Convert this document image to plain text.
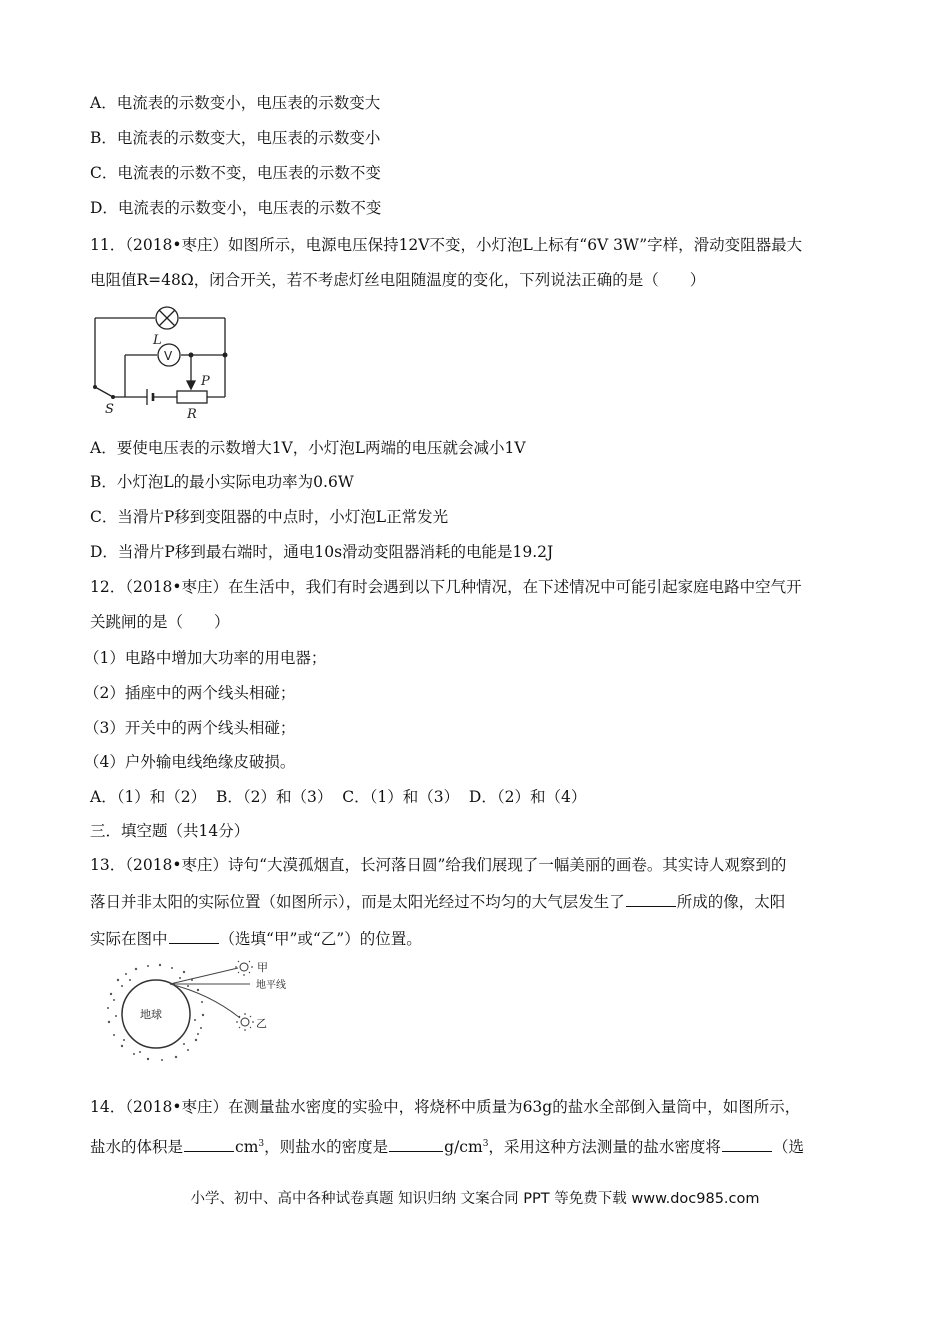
A．电流表的示数变小，电压表的示数变大
B．电流表的示数变大，电压表的示数变小
C．电流表的示数不变，电压表的示数不变
D．电流表的示数变小，电压表的示数不变
11．（2018•枣庄）如图所示，电源电压保持12V不变，小灯泡L上标有“6V 3W”字样，滑动变阻器最大
电阻值R=48Ω，闭合开关，若不考虑灯丝电阻随温度的变化，下列说法正确的是（　　）
L
V
P
S	R
A．要使电压表的示数增大1V，小灯泡L两端的电压就会减小1V
B．小灯泡L的最小实际电功率为0.6W
C．当滑片P移到变阻器的中点时，小灯泡L正常发光
D．当滑片P移到最右端时，通电10s滑动变阻器消耗的电能是19.2J
12．（2018•枣庄）在生活中，我们有时会遇到以下几种情况，在下述情况中可能引起家庭电路中空气开
关跳闸的是（　　）
（1）电路中增加大功率的用电器；
（2）插座中的两个线头相碰；
（3）开关中的两个线头相碰；
（4）户外输电线绝缘皮破损。
A．（1）和（2）  B．（2）和（3）  C．（1）和（3）  D．（2）和（4）
三．填空题（共14分）
13．（2018•枣庄）诗句“大漠孤烟直，长河落日圆”给我们展现了一幅美丽的画卷。其实诗人观察到的
落日并非太阳的实际位置（如图所示），而是太阳光经过不均匀的大气层发生了	所成的像，太阳
实际在图中	（选填“甲”或“乙”）的位置。
地球
甲
地平线
乙
14．（2018•枣庄）在测量盐水密度的实验中，将烧杯中质量为63g的盐水全部倒入量筒中，如图所示，
盐水的体积是	$cm^3$，则盐水的密度是	$g/cm^3$，采用这种方法测量的盐水密度将	（选
小学、初中、高中各种试卷真题 知识归纳 文案合同 PPT 等免费下载 www.doc985.com
